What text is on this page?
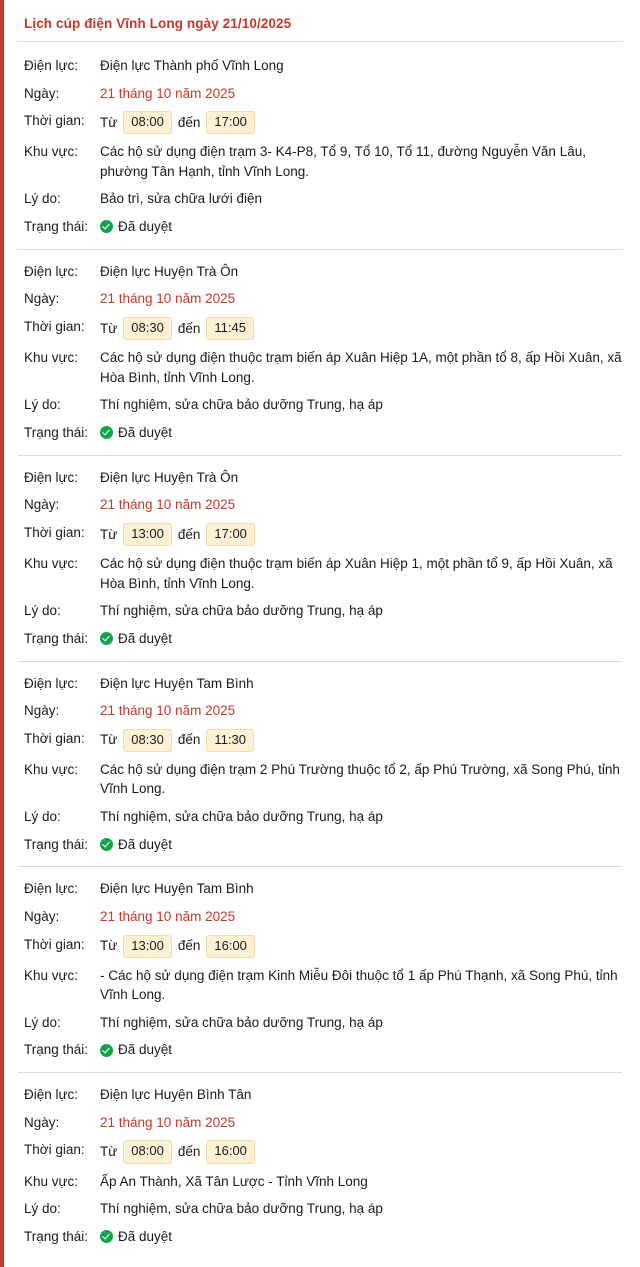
Lịch cúp điện Vĩnh Long ngày 21/10/2025
Điện lực:	Điện lực Thành phố Vĩnh Long
Ngày:	21 tháng 10 năm 2025
Thời gian:	Từ	08:00	đến	17:00
Khu vực:	Các hộ sử dụng điện trạm 3- K4-P8, Tổ 9, Tổ 10, Tổ 11, đường Nguyễn Văn Lâu, phường Tân Hạnh, tỉnh Vĩnh Long.
Lý do:	Bảo trì, sửa chữa lưới điện
Trạng thái: Đã duyệt
Điện lực:	Điện lực Huyện Trà Ôn
Ngày:	21 tháng 10 năm 2025
Thời gian:	Từ	08:30	đến	11:45
Khu vực:	Các hộ sử dụng điện thuộc trạm biến áp Xuân Hiệp 1A, một phần tổ 8, ấp Hồi Xuân, xã Hòa Bình, tỉnh Vĩnh Long.
Lý do:	Thí nghiệm, sửa chữa bảo dưỡng Trung, hạ áp
Trạng thái: Đã duyệt
Điện lực:	Điện lực Huyện Trà Ôn
Ngày:	21 tháng 10 năm 2025
Thời gian:	Từ	13:00	đến	17:00
Khu vực:	Các hộ sử dụng điện thuộc trạm biến áp Xuân Hiệp 1, một phần tổ 9, ấp Hồi Xuân, xã Hòa Bình, tỉnh Vĩnh Long.
Lý do:	Thí nghiệm, sửa chữa bảo dưỡng Trung, hạ áp
Trạng thái: Đã duyệt
Điện lực:	Điện lực Huyện Tam Bình
Ngày:	21 tháng 10 năm 2025
Thời gian:	Từ	08:30	đến	11:30
Khu vực:	Các hộ sử dụng điện trạm 2 Phú Trường thuộc tổ 2, ấp Phú Trường, xã Song Phú, tỉnh Vĩnh Long.
Lý do:	Thí nghiệm, sửa chữa bảo dưỡng Trung, hạ áp
Trạng thái: Đã duyệt
Điện lực:	Điện lực Huyện Tam Bình
Ngày:	21 tháng 10 năm 2025
Thời gian:	Từ	13:00	đến	16:00
Khu vực:	- Các hộ sử dụng điện trạm Kinh Miễu Đôi thuộc tổ 1 ấp Phú Thạnh, xã Song Phú, tỉnh Vĩnh Long.
Lý do:	Thí nghiệm, sửa chữa bảo dưỡng Trung, hạ áp
Trạng thái: Đã duyệt
Điện lực:	Điện lực Huyện Bình Tân
Ngày:	21 tháng 10 năm 2025
Thời gian:	Từ	08:00	đến	16:00
Khu vực:	Ấp An Thành, Xã Tân Lược - Tỉnh Vĩnh Long
Lý do:	Thí nghiệm, sửa chữa bảo dưỡng Trung, hạ áp
Trạng thái: Đã duyệt
